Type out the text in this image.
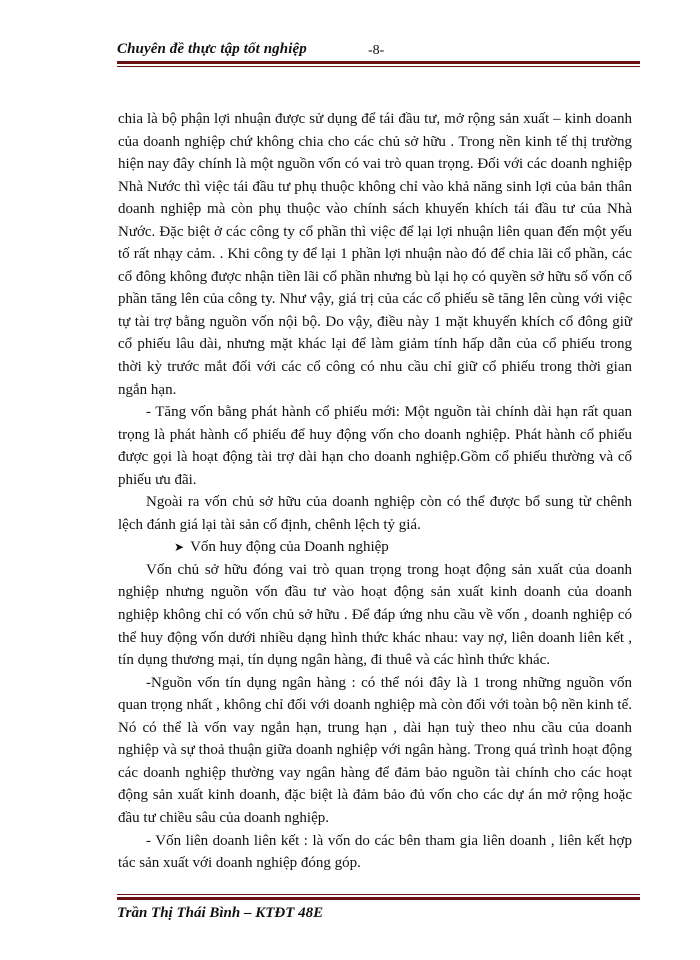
Chuyên đề thực tập tốt nghiệp	-8-

chia là bộ phận lợi nhuận được sử dụng để tái đầu tư, mở rộng sản xuất – kinh doanh của doanh nghiệp chứ không chia cho các chủ sở hữu . Trong nền kinh tế thị trường hiện nay đây chính là một nguồn vốn có vai trò quan trọng. Đối với các doanh nghiệp Nhà Nước thì việc tái đầu tư phụ thuộc không chỉ vào khả năng sinh lợi của bản thân doanh nghiệp mà còn phụ thuộc vào chính sách khuyến khích tái đầu tư của Nhà Nước. Đặc biệt ở các công ty cổ phần thì việc để lại lợi nhuận liên quan đến một yếu tố rất nhạy cảm. . Khi công ty để lại 1 phần lợi nhuận nào đó để chia lãi cổ phần, các cổ đông không được nhận tiền lãi cổ phần nhưng bù lại họ có quyền sở hữu số vốn cổ phần tăng lên của công ty. Như vậy, giá trị của các cổ phiếu sẽ tăng lên cùng với việc tự tài trợ bằng nguồn vốn nội bộ. Do vậy, điều này 1 mặt khuyến khích cổ đông giữ cổ phiếu lâu dài, nhưng mặt khác lại để làm giảm tính hấp dẫn của cổ phiếu trong thời kỳ trước mắt đối với các cổ công có nhu cầu chỉ giữ cổ phiếu trong thời gian ngắn hạn.

- Tăng vốn bằng phát hành cổ phiếu mới: Một nguồn tài chính dài hạn rất quan trọng là phát hành cổ phiếu để huy động vốn cho doanh nghiệp. Phát hành cổ phiếu được gọi là hoạt động tài trợ dài hạn cho doanh nghiệp.Gồm cổ phiếu thường và cổ phiếu ưu đãi.

Ngoài ra vốn chủ sở hữu của doanh nghiệp còn có thể được bổ sung từ chênh lệch đánh giá lại tài sản cố định, chênh lệch tỷ giá.

➤ Vốn huy động của Doanh nghiệp

Vốn chủ sở hữu đóng vai trò quan trọng trong hoạt động sản xuất của doanh nghiệp nhưng nguồn vốn đầu tư vào hoạt động sản xuất kinh doanh của doanh nghiệp không chỉ có vốn chủ sở hữu . Để đáp ứng nhu cầu về vốn , doanh nghiệp có thể huy động vốn dưới nhiều dạng hình thức khác nhau: vay nợ, liên doanh liên kết , tín dụng thương mại, tín dụng ngân hàng, đi thuê và các hình thức khác.

-Nguồn vốn tín dụng ngân hàng : có thể nói đây là 1 trong những nguồn vốn quan trọng nhất , không chỉ đối với doanh nghiệp mà còn đối với toàn bộ nền kinh tế. Nó có thể là vốn vay ngắn hạn, trung hạn , dài hạn tuỳ theo nhu cầu của doanh nghiệp và sự thoả thuận giữa doanh nghiệp với ngân hàng. Trong quá trình hoạt động các doanh nghiệp thường vay ngân hàng để đảm bảo nguồn tài chính cho các hoạt động sản xuất kinh doanh, đặc biệt là đảm bảo đủ vốn cho các dự án mở rộng hoặc đầu tư chiều sâu của doanh nghiệp.

- Vốn liên doanh liên kết : là vốn do các bên tham gia liên doanh , liên kết hợp tác sản xuất với doanh nghiệp đóng góp.

Trần Thị Thái Bình – KTĐT 48E
